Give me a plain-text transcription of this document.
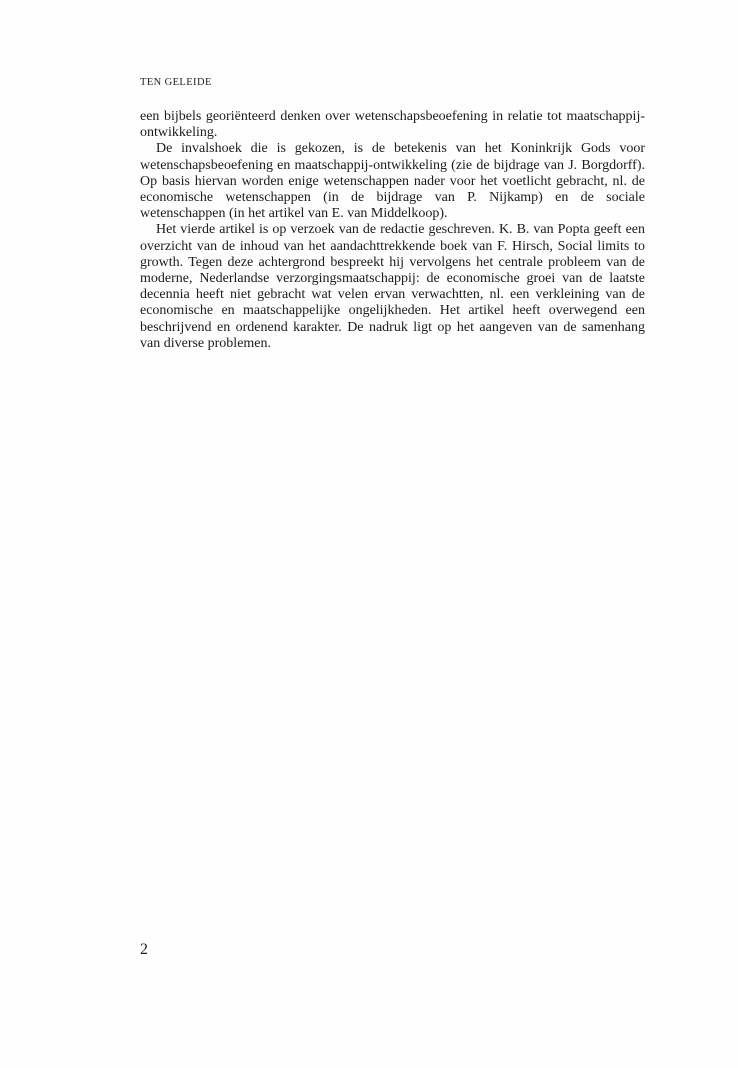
TEN GELEIDE

een bijbels georiënteerd denken over wetenschapsbeoefening in relatie tot maatschappij-ontwikkeling.

De invalshoek die is gekozen, is de betekenis van het Koninkrijk Gods voor wetenschapsbeoefening en maatschappij-ontwikkeling (zie de bijdrage van J. Borgdorff). Op basis hiervan worden enige wetenschappen nader voor het voetlicht gebracht, nl. de economische wetenschappen (in de bijdrage van P. Nijkamp) en de sociale wetenschappen (in het artikel van E. van Middelkoop).

Het vierde artikel is op verzoek van de redactie geschreven. K. B. van Popta geeft een overzicht van de inhoud van het aandachttrekkende boek van F. Hirsch, Social limits to growth. Tegen deze achtergrond bespreekt hij vervolgens het centrale probleem van de moderne, Nederlandse verzorgingsmaatschappij: de economische groei van de laatste decennia heeft niet gebracht wat velen ervan verwachtten, nl. een verkleining van de economische en maatschappelijke ongelijkheden. Het artikel heeft overwegend een beschrijvend en ordenend karakter. De nadruk ligt op het aangeven van de samenhang van diverse problemen.

2
